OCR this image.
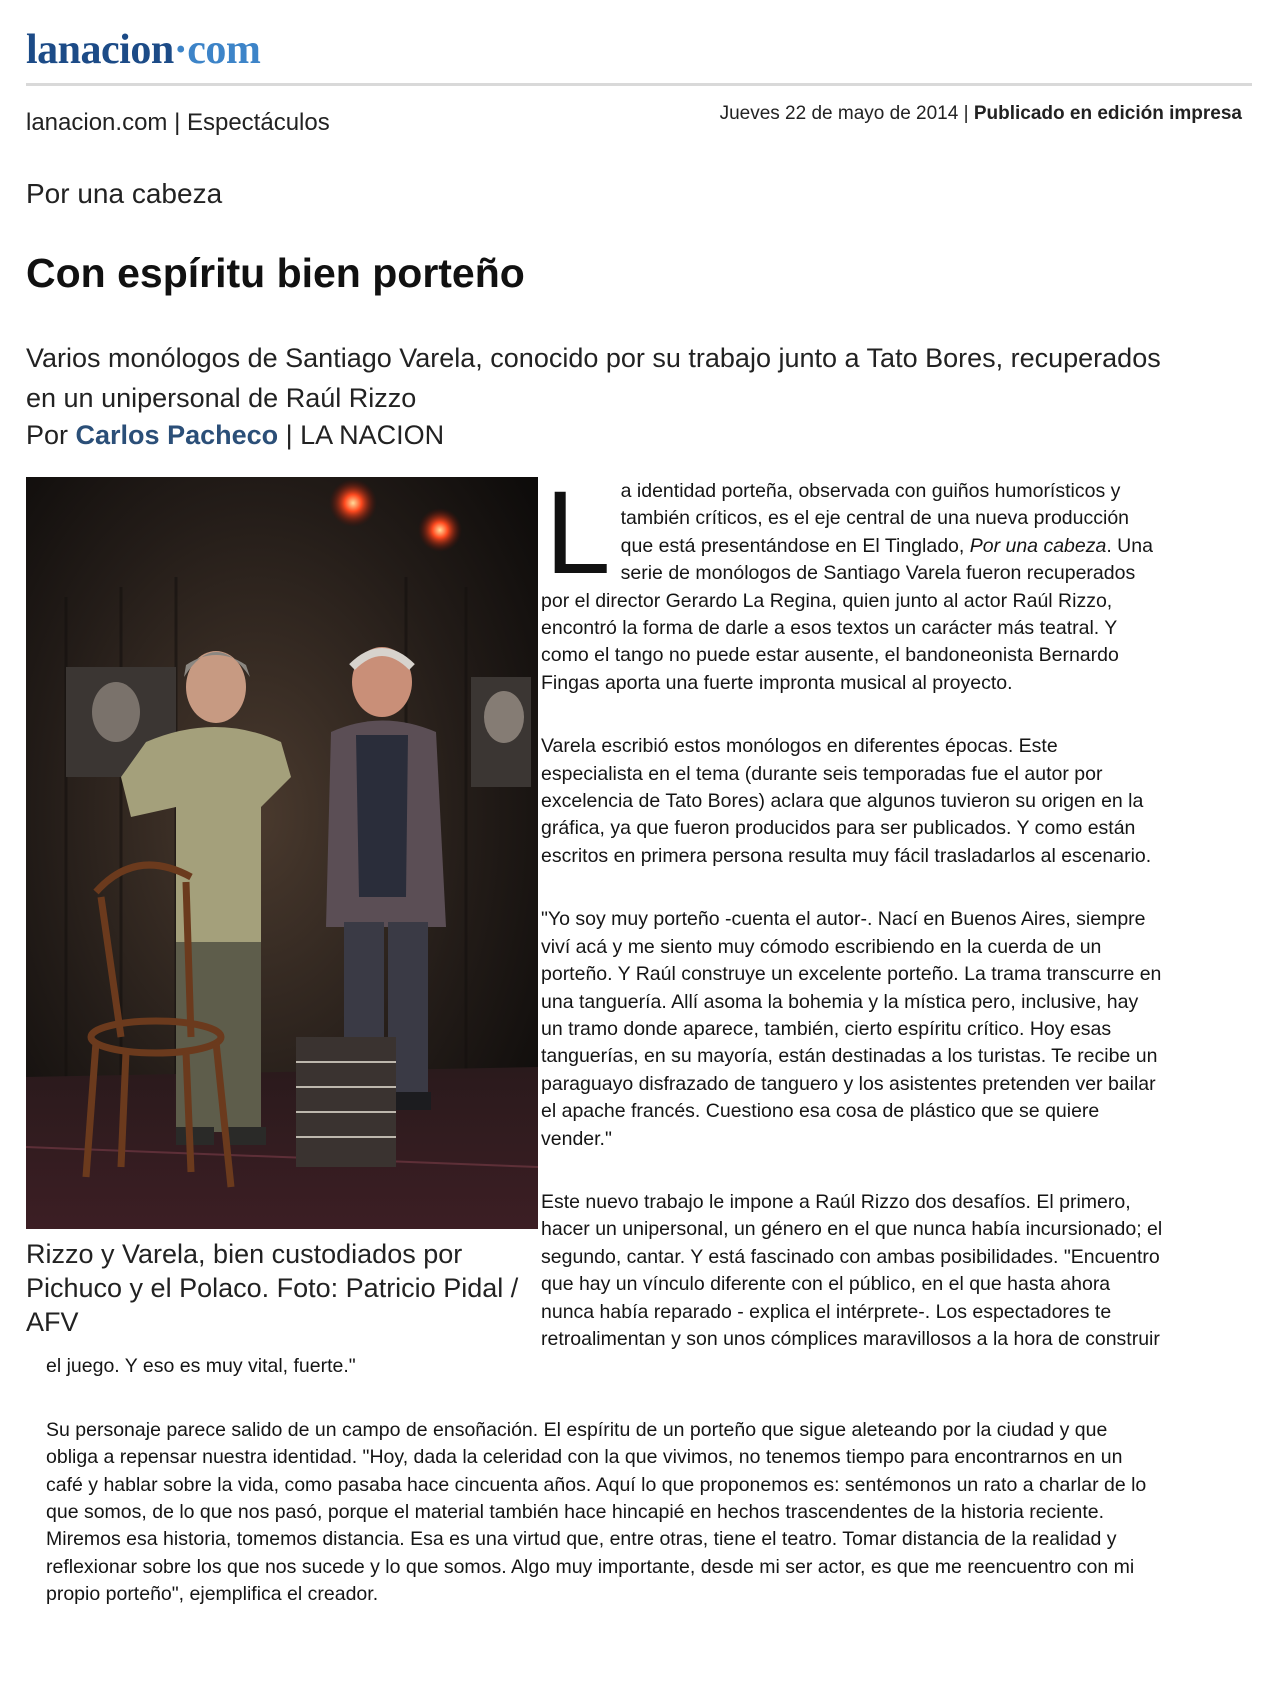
lanacion·com
lanacion.com | Espectáculos	Jueves 22 de mayo de 2014 | Publicado en edición impresa
Por una cabeza
Con espíritu bien porteño
Varios monólogos de Santiago Varela, conocido por su trabajo junto a Tato Bores, recuperados en un unipersonal de Raúl Rizzo
Por Carlos Pacheco | LA NACION
Rizzo y Varela, bien custodiados por Pichuco y el Polaco. Foto: Patricio Pidal / AFV

La identidad porteña, observada con guiños humorísticos y también críticos, es el eje central de una nueva producción que está presentándose en El Tinglado, Por una cabeza. Una serie de monólogos de Santiago Varela fueron recuperados por el director Gerardo La Regina, quien junto al actor Raúl Rizzo, encontró la forma de darle a esos textos un carácter más teatral. Y como el tango no puede estar ausente, el bandoneonista Bernardo Fingas aporta una fuerte impronta musical al proyecto.

Varela escribió estos monólogos en diferentes épocas. Este especialista en el tema (durante seis temporadas fue el autor por excelencia de Tato Bores) aclara que algunos tuvieron su origen en la gráfica, ya que fueron producidos para ser publicados. Y como están escritos en primera persona resulta muy fácil trasladarlos al escenario.

"Yo soy muy porteño -cuenta el autor-. Nací en Buenos Aires, siempre viví acá y me siento muy cómodo escribiendo en la cuerda de un porteño. Y Raúl construye un excelente porteño. La trama transcurre en una tanguería. Allí asoma la bohemia y la mística pero, inclusive, hay un tramo donde aparece, también, cierto espíritu crítico. Hoy esas tanguerías, en su mayoría, están destinadas a los turistas. Te recibe un paraguayo disfrazado de tanguero y los asistentes pretenden ver bailar el apache francés. Cuestiono esa cosa de plástico que se quiere vender."

Este nuevo trabajo le impone a Raúl Rizzo dos desafíos. El primero, hacer un unipersonal, un género en el que nunca había incursionado; el segundo, cantar. Y está fascinado con ambas posibilidades. "Encuentro que hay un vínculo diferente con el público, en el que hasta ahora nunca había reparado - explica el intérprete-. Los espectadores te retroalimentan y son unos cómplices maravillosos a la hora de construir el juego. Y eso es muy vital, fuerte."

Su personaje parece salido de un campo de ensoñación. El espíritu de un porteño que sigue aleteando por la ciudad y que obliga a repensar nuestra identidad. "Hoy, dada la celeridad con la que vivimos, no tenemos tiempo para encontrarnos en un café y hablar sobre la vida, como pasaba hace cincuenta años. Aquí lo que proponemos es: sentémonos un rato a charlar de lo que somos, de lo que nos pasó, porque el material también hace hincapié en hechos trascendentes de la historia reciente. Miremos esa historia, tomemos distancia. Esa es una virtud que, entre otras, tiene el teatro. Tomar distancia de la realidad y reflexionar sobre los que nos sucede y lo que somos. Algo muy importante, desde mi ser actor, es que me reencuentro con mi propio porteño", ejemplifica el creador.
